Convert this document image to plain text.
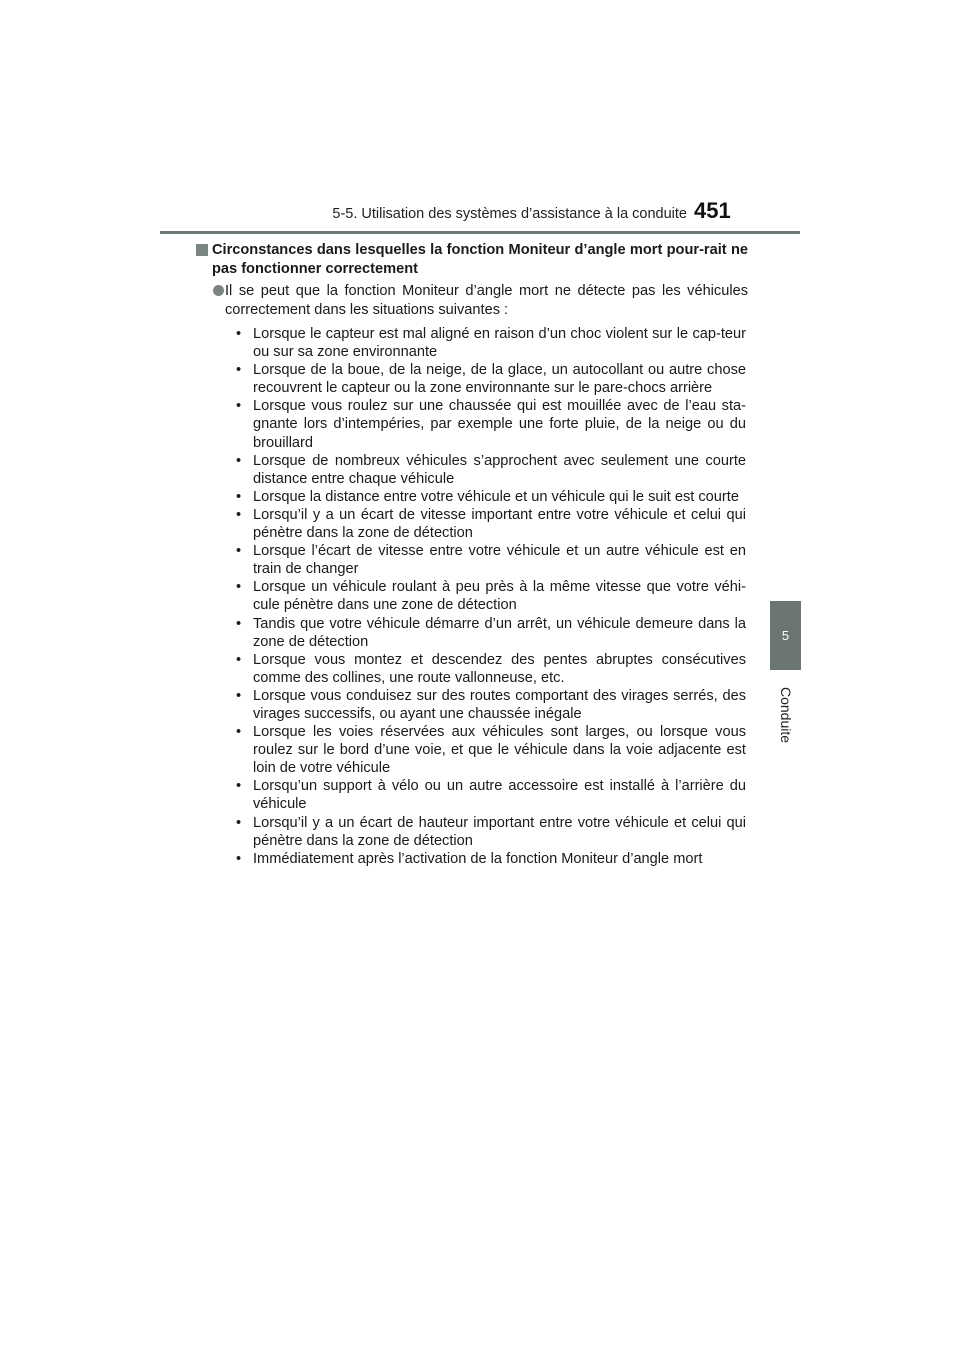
5-5. Utilisation des systèmes d’assistance à la conduite 451
5
Conduite
Circonstances dans lesquelles la fonction Moniteur d’angle mort pour-rait ne pas fonctionner correctement
Il se peut que la fonction Moniteur d’angle mort ne détecte pas les véhicules correctement dans les situations suivantes :
• Lorsque le capteur est mal aligné en raison d’un choc violent sur le cap-teur ou sur sa zone environnante
• Lorsque de la boue, de la neige, de la glace, un autocollant ou autre chose recouvrent le capteur ou la zone environnante sur le pare-chocs arrière
• Lorsque vous roulez sur une chaussée qui est mouillée avec de l’eau sta-gnante lors d’intempéries, par exemple une forte pluie, de la neige ou du brouillard
• Lorsque de nombreux véhicules s’approchent avec seulement une courte distance entre chaque véhicule
• Lorsque la distance entre votre véhicule et un véhicule qui le suit est courte
• Lorsqu’il y a un écart de vitesse important entre votre véhicule et celui qui pénètre dans la zone de détection
• Lorsque l’écart de vitesse entre votre véhicule et un autre véhicule est en train de changer
• Lorsque un véhicule roulant à peu près à la même vitesse que votre véhi-cule pénètre dans une zone de détection
• Tandis que votre véhicule démarre d’un arrêt, un véhicule demeure dans la zone de détection
• Lorsque vous montez et descendez des pentes abruptes consécutives comme des collines, une route vallonneuse, etc.
• Lorsque vous conduisez sur des routes comportant des virages serrés, des virages successifs, ou ayant une chaussée inégale
• Lorsque les voies réservées aux véhicules sont larges, ou lorsque vous roulez sur le bord d’une voie, et que le véhicule dans la voie adjacente est loin de votre véhicule
• Lorsqu’un support à vélo ou un autre accessoire est installé à l’arrière du véhicule
• Lorsqu’il y a un écart de hauteur important entre votre véhicule et celui qui pénètre dans la zone de détection
• Immédiatement après l’activation de la fonction Moniteur d’angle mort
